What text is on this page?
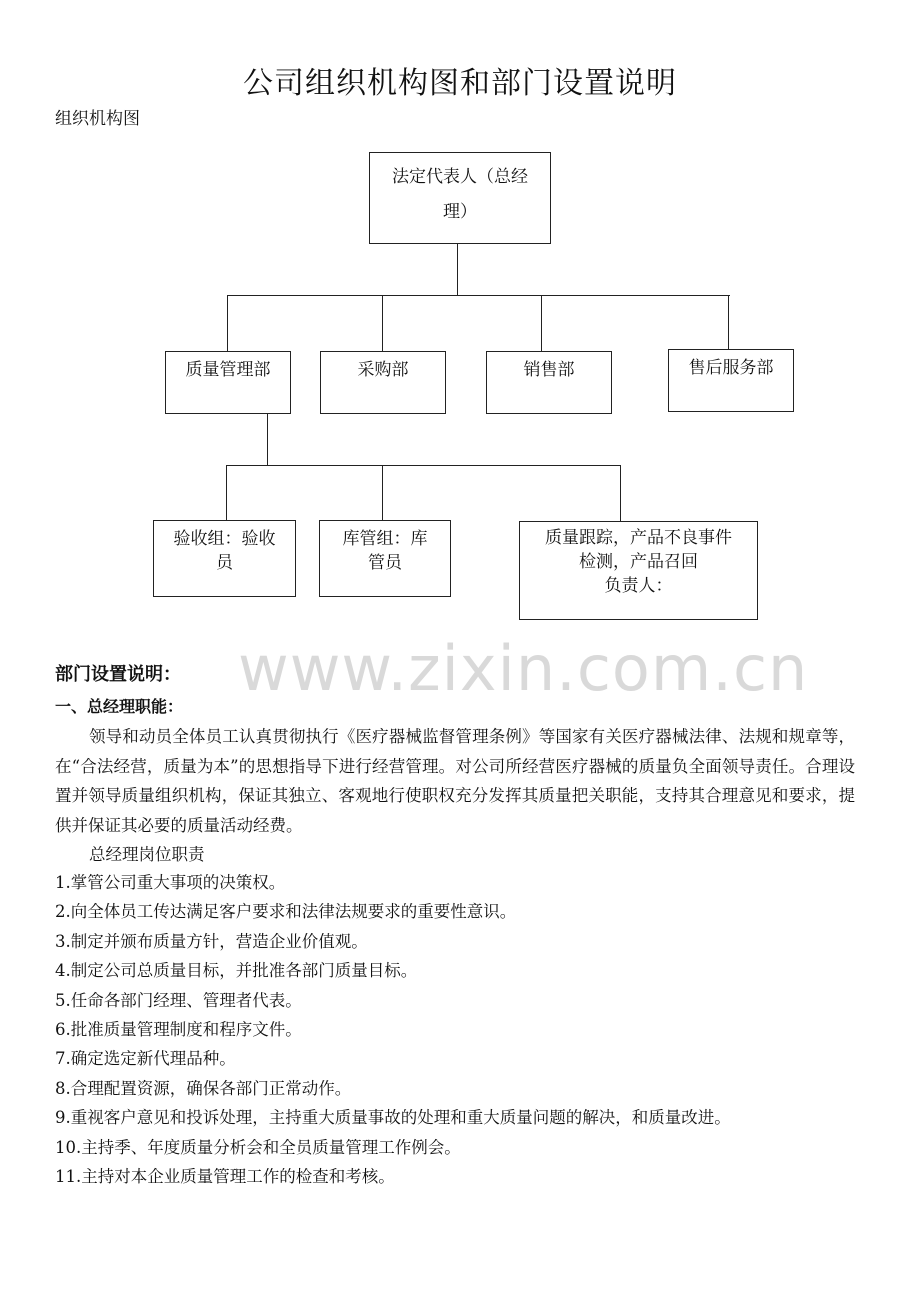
公司组织机构图和部门设置说明
组织机构图
法定代表人（总经
理）
质量管理部	采购部	销售部	售后服务部
验收组：验收
员
库管组：库
管员
质量跟踪，产品不良事件
检测，产品召回
负责人：
www.zixin.com.cn
部门设置说明：
一、总经理职能：
领导和动员全体员工认真贯彻执行《医疗器械监督管理条例》等国家有关医疗器械法律、法规和规章等，在“合法经营，质量为本”的思想指导下进行经营管理。对公司所经营医疗器械的质量负全面领导责任。合理设置并领导质量组织机构，保证其独立、客观地行使职权充分发挥其质量把关职能，支持其合理意见和要求，提供并保证其必要的质量活动经费。
总经理岗位职责
1.掌管公司重大事项的决策权。
2.向全体员工传达满足客户要求和法律法规要求的重要性意识。
3.制定并颁布质量方针，营造企业价值观。
4.制定公司总质量目标，并批准各部门质量目标。
5.任命各部门经理、管理者代表。
6.批准质量管理制度和程序文件。
7.确定选定新代理品种。
8.合理配置资源，确保各部门正常动作。
9.重视客户意见和投诉处理，主持重大质量事故的处理和重大质量问题的解决，和质量改进。
10.主持季、年度质量分析会和全员质量管理工作例会。
11.主持对本企业质量管理工作的检查和考核。
